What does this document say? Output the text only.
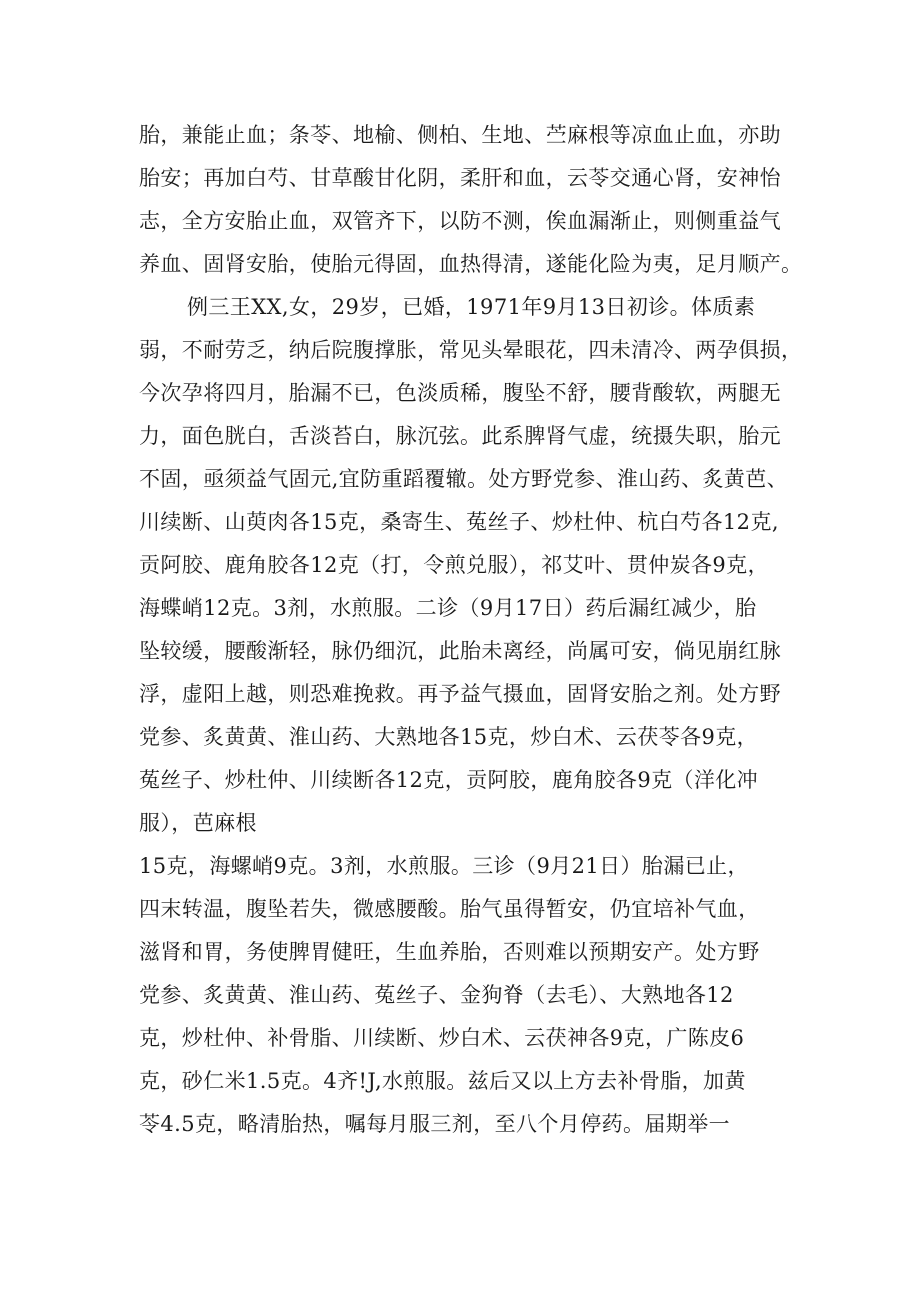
胎，兼能止血；条苓、地榆、侧柏、生地、苎麻根等凉血止血，亦助
胎安；再加白芍、甘草酸甘化阴，柔肝和血，云苓交通心肾，安神怡
志，全方安胎止血，双管齐下，以防不测，俟血漏渐止，则侧重益气
养血、固肾安胎，使胎元得固，血热得清，遂能化险为夷，足月顺产。
例三王XX,女，29岁，已婚，1971年9月13日初诊。体质素
弱，不耐劳乏，纳后院腹撑胀，常见头晕眼花，四未清冷、两孕俱损，
今次孕将四月，胎漏不已，色淡质稀，腹坠不舒，腰背酸软，两腿无
力，面色胱白，舌淡苔白，脉沉弦。此系脾肾气虚，统摄失职，胎元
不固，亟须益气固元,宜防重蹈覆辙。处方野党参、淮山药、炙黄芭、
川续断、山萸肉各15克，桑寄生、菟丝子、炒杜仲、杭白芍各12克,
贡阿胶、鹿角胶各12克（打，令煎兑服），祁艾叶、贯仲炭各9克，
海蝶峭12克。3剂，水煎服。二诊（9月17日）药后漏红减少，胎
坠较缓，腰酸渐轻，脉仍细沉，此胎未离经，尚属可安，倘见崩红脉
浮，虚阳上越，则恐难挽救。再予益气摄血，固肾安胎之剂。处方野
党参、炙黄黄、淮山药、大熟地各15克，炒白术、云茯苓各9克，
菟丝子、炒杜仲、川续断各12克，贡阿胶，鹿角胶各9克（洋化冲
服），芭麻根
15克，海螺峭9克。3剂，水煎服。三诊（9月21日）胎漏已止，
四末转温，腹坠若失，微感腰酸。胎气虽得暂安，仍宜培补气血，
滋肾和胃，务使脾胃健旺，生血养胎，否则难以预期安产。处方野
党参、炙黄黄、淮山药、菟丝子、金狗脊（去毛）、大熟地各12
克，炒杜仲、补骨脂、川续断、炒白术、云茯神各9克，广陈皮6
克，砂仁米1.5克。4齐!J,水煎服。兹后又以上方去补骨脂，加黄
苓4.5克，略清胎热，嘱每月服三剂，至八个月停药。届期举一
